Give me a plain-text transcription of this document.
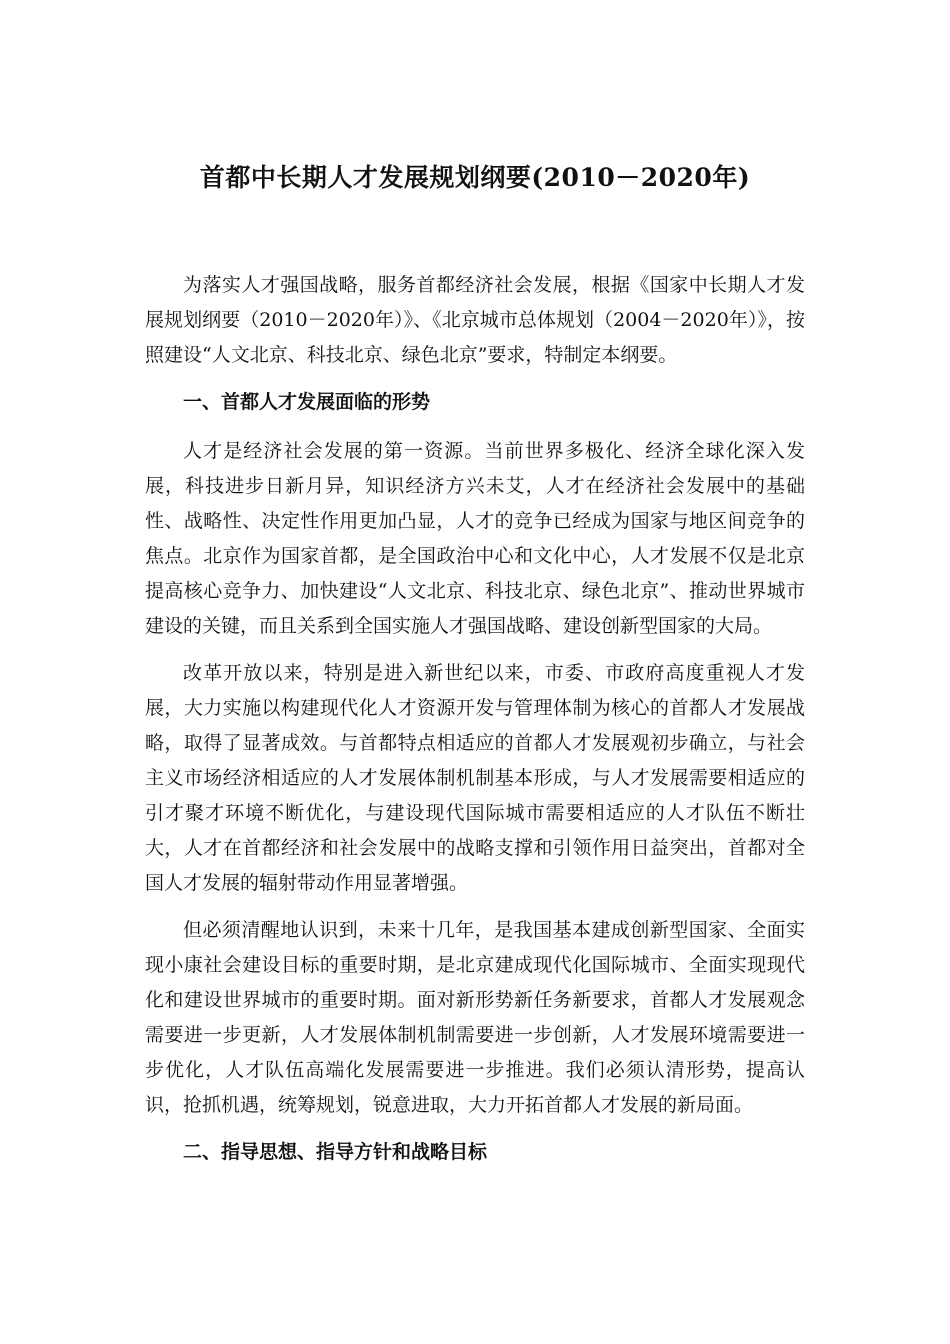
首都中长期人才发展规划纲要(2010－2020年)

为落实人才强国战略，服务首都经济社会发展，根据《国家中长期人才发展规划纲要（2010－2020年）》、《北京城市总体规划（2004－2020年）》，按照建设“人文北京、科技北京、绿色北京”要求，特制定本纲要。

一、首都人才发展面临的形势

人才是经济社会发展的第一资源。当前世界多极化、经济全球化深入发展，科技进步日新月异，知识经济方兴未艾，人才在经济社会发展中的基础性、战略性、决定性作用更加凸显，人才的竞争已经成为国家与地区间竞争的焦点。北京作为国家首都，是全国政治中心和文化中心，人才发展不仅是北京提高核心竞争力、加快建设“人文北京、科技北京、绿色北京”、推动世界城市建设的关键，而且关系到全国实施人才强国战略、建设创新型国家的大局。

改革开放以来，特别是进入新世纪以来，市委、市政府高度重视人才发展，大力实施以构建现代化人才资源开发与管理体制为核心的首都人才发展战略，取得了显著成效。与首都特点相适应的首都人才发展观初步确立，与社会主义市场经济相适应的人才发展体制机制基本形成，与人才发展需要相适应的引才聚才环境不断优化，与建设现代国际城市需要相适应的人才队伍不断壮大，人才在首都经济和社会发展中的战略支撑和引领作用日益突出，首都对全国人才发展的辐射带动作用显著增强。

但必须清醒地认识到，未来十几年，是我国基本建成创新型国家、全面实现小康社会建设目标的重要时期，是北京建成现代化国际城市、全面实现现代化和建设世界城市的重要时期。面对新形势新任务新要求，首都人才发展观念需要进一步更新，人才发展体制机制需要进一步创新，人才发展环境需要进一步优化，人才队伍高端化发展需要进一步推进。我们必须认清形势，提高认识，抢抓机遇，统筹规划，锐意进取，大力开拓首都人才发展的新局面。

二、指导思想、指导方针和战略目标
